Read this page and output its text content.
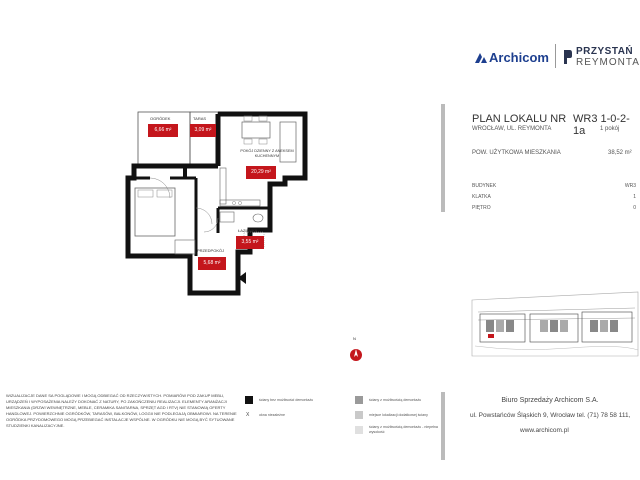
Archicom	PRZYSTAŃ
REYMONTA
PLAN LOKALU NR WR3 1-0-2-1a
WROCŁAW, UL. REYMONTA	1 pokój
POW. UŻYTKOWA MIESZKANIA	38,52 m²
BUDYNEK	WR3
KLATKA	1
PIĘTRO	0
N
OGRÓDEK
6,66 m²
TARAS
3,09 m²
POKÓJ DZIENNY Z ANEKSEM KUCHENNYM
20,29 m²
ŁAZIENKA
3,55 m²
PRZEDPOKÓJ
5,68 m²
WIZUALIZACJE DANE SA POGLĄDOWE I MOGĄ ODBIEGAĆ OD RZECZYWISTYCH. POMIARÓW POD ZAKUP MEBLI, URZĄDZEŃ I WYPOSAŻENIA NALEŻY DOKONAĆ Z NATURY, PO ZAKOŃCZENIU REALIZACJI. ELEMENTY ARANŻACJI MIESZKANIA (DRZWI WEWNĘTRZNE, MEBLE, CERAMIKA SANITARNA, SPRZĘT AGD I RTV) NIE STANOWIĄ OFERTY HANDLOWEJ. POWIERZCHNIE OGRÓDKÓW, TARASÓW, BALKONÓW, LOGGII NIE PODLEGAJĄ OBMIAROWI. NA TERENIE OGRÓDKA PRZYDOMOWEGO MOGĄ PRZEBIEGAĆ INSTALACJE WSPÓLNE. W OGRÓDKU NIE MOGĄ BYĆ SYTUOWANE STUDZIENKI KANALIZACYJNE.
ściany bez możliwości demontażu
X	okna niezależne
ściany z możliwością demontażu
miejsce lokalizacji dodatkowej ściany
ściany z możliwością demontażu - niepełna wysokość
Biuro Sprzedaży Archicom S.A.
ul. Powstańców Śląskich 9, Wrocław tel. (71) 78 58 111,
www.archicom.pl
